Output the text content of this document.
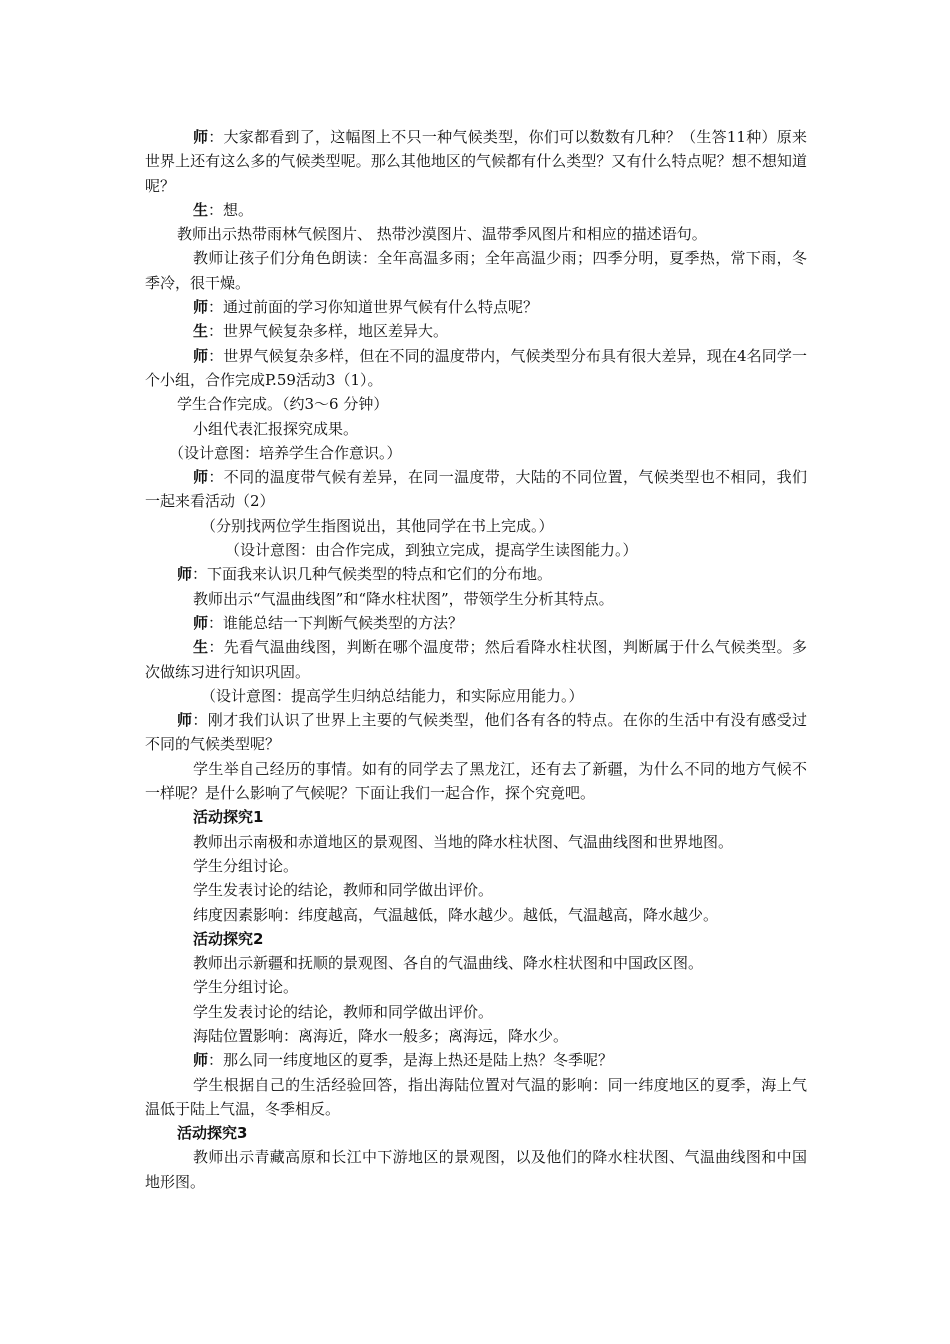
师：大家都看到了，这幅图上不只一种气候类型，你们可以数数有几种？（生答11种）原来世界上还有这么多的气候类型呢。那么其他地区的气候都有什么类型？又有什么特点呢？想不想知道呢？
生：想。
教师出示热带雨林气候图片、 热带沙漠图片、温带季风图片和相应的描述语句。
教师让孩子们分角色朗读：全年高温多雨；全年高温少雨；四季分明，夏季热，常下雨，冬季冷，很干燥。
师：通过前面的学习你知道世界气候有什么特点呢？
生：世界气候复杂多样，地区差异大。
师：世界气候复杂多样，但在不同的温度带内，气候类型分布具有很大差异，现在4名同学一个小组，合作完成P.59活动3（1）。
学生合作完成。（约3～6 分钟）
小组代表汇报探究成果。
（设计意图：培养学生合作意识。）
师：不同的温度带气候有差异，在同一温度带，大陆的不同位置，气候类型也不相同，我们一起来看活动（2）
（分别找两位学生指图说出，其他同学在书上完成。）
（设计意图：由合作完成，到独立完成，提高学生读图能力。）
师：下面我来认识几种气候类型的特点和它们的分布地。
教师出示“气温曲线图”和“降水柱状图”，带领学生分析其特点。
师：谁能总结一下判断气候类型的方法？
生：先看气温曲线图，判断在哪个温度带；然后看降水柱状图，判断属于什么气候类型。多次做练习进行知识巩固。
（设计意图：提高学生归纳总结能力，和实际应用能力。）
师：刚才我们认识了世界上主要的气候类型，他们各有各的特点。在你的生活中有没有感受过不同的气候类型呢？
学生举自己经历的事情。如有的同学去了黑龙江，还有去了新疆，为什么不同的地方气候不一样呢？是什么影响了气候呢？下面让我们一起合作，探个究竟吧。
活动探究1
教师出示南极和赤道地区的景观图、当地的降水柱状图、气温曲线图和世界地图。
学生分组讨论。
学生发表讨论的结论，教师和同学做出评价。
纬度因素影响：纬度越高，气温越低，降水越少。越低，气温越高，降水越少。
活动探究2
教师出示新疆和抚顺的景观图、各自的气温曲线、降水柱状图和中国政区图。
学生分组讨论。
学生发表讨论的结论，教师和同学做出评价。
海陆位置影响：离海近，降水一般多；离海远，降水少。
师：那么同一纬度地区的夏季，是海上热还是陆上热？冬季呢？
学生根据自己的生活经验回答，指出海陆位置对气温的影响：同一纬度地区的夏季，海上气温低于陆上气温，冬季相反。
活动探究3
教师出示青藏高原和长江中下游地区的景观图，以及他们的降水柱状图、气温曲线图和中国地形图。
